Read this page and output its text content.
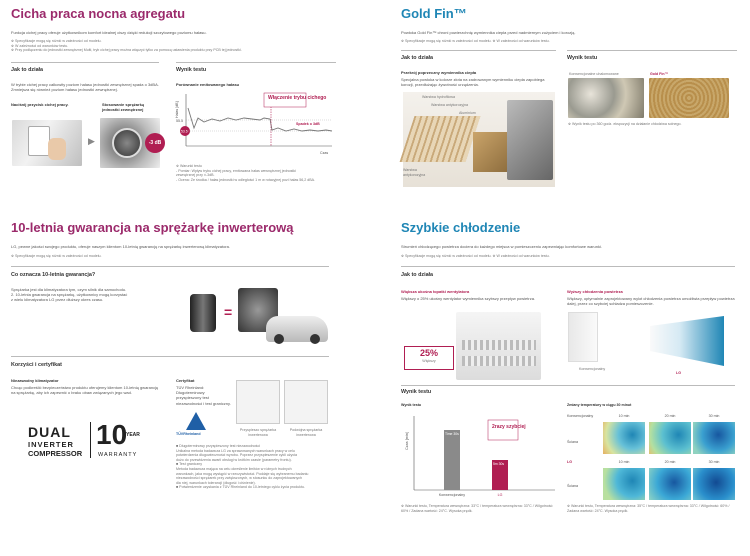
Cicha praca nocna agregatu
Funkcja cichej pracy oferuje użytkownikom komfort idealnej ciszy dzięki redukcji szczytowego poziomu hałasu.
※ Specyfikacje mogą się różnić w zależności od modelu.
※ W zależności od warunków testu.
※ Przy podłączeniu do jednostki zewnętrznej Multi, tryb cichej pracy można włączyć tylko za pomocą ustawienia produktu przy PCB tej jednostki.
Jak to działa
W trybie cichej pracy całkowity poziom hałasu jednostki zewnętrznej spada o 3dBA. Zmniejsza się również poziom hałasu jednostki zewnętrznej.
Naciśnij przycisk cichej pracy.	Stosowanie sprężarką jednostki zewnętrznej
▶	-3 dB
Wynik testu
Porównanie emitowanego hałasu
Hałas [dB]
55.5
53.5
Włączenie trybu cichego
Spadek o 3dB
Czas
※ Warunki testu
- Pomiar: Wpływ trybu cichej pracy, emitowana hałas wewnętrznej jednostki
zewnętrznej przy ±-3dB.
- Ocena: Ze środka / hałas jednostki w odległości 1 m w rotacyjnej pozi hałas 56,2 dBA.
Gold Fin™
Powłoka Gold Fin™ chroni powierzchnię wymiennika ciepła przed nadmiernym zużyciem i korozją.
※ Specyfikacje mogą się różnić w zależności od modelu. ※ W zależności od warunków testu.
Jak to działa
Przekrój poprzeczny wymiennika ciepła
Specjalna powłoka w kolorze złota na zadrowanym wymienniku ciepła zapobiega korozji, przedłużając żywotność urządzenia.
Warstwa hydrofilowa
Warstwa antykorozyjna
Aluminium
Warstwa antykorozyjna
Wynik testu
Konwencjonalne uhalomowane	Gold Fin™
※ Wynik testu po 360 godz. ekspozycji na działanie chłodziwa solnego.
10-letnia gwarancja na sprężarkę inwerterową
LG, pewne jakości swojego produktu, oferuje naszym klientom 10-letnią gwarancję na sprężarkę inwerterową klimatyzatora.
※ Specyfikacje mogą się różnić w zależności od modelu.
Co oznacza 10-letnia gwarancja?
Sprężarka jest dla klimatyzatora tym, czym silnik dla samochodu.
2. 10-letnia gwarancja na sprężarkę, użytkownicy mogą korzystać
z wielu klimatyzatora LG przez dłuższy okres czasu.
=
Korzyści i certyfikat
Niezawodny klimatyzator
Chcąc podkreślić bezpieczeństwo produktu oferujemy klientom 10-letnią gwarancję na sprężarkę, aby ich zapewnić o braku obaw związanych jego wad.
DUAL
INVERTER
COMPRESSOR
10
YEAR
WARRANTY
Certyfikat
TÜV Rheinland: Długoterminowy przyspieszony test niezawodności i test graniczny.
TÜVRheinland
Przyspieszo sprężarka inwerterowa
Podwójna sprężarka inwerterowa
■ Długoterminowy przyspieszony test niezawodności
Unikalna metoda badawcza LG za sprawowanych warunkach pracy w celu
potwierdzenia długowieczności wyrobu. Poprzez przyspieszenie cykli użycia
dużo do przewidzenia awarii obsługi w krótkim czasie (parametry frontu).
■ Test graniczny
Metoda badawcza mająca na celu określenie limitów w różnych trudnych
warunkach, jaka mogą wystąpić w rzeczywistości. Poddaje się wybranemu badaniu
niezawodności sprężarek przy zwiększonych, w stosunku do zaprojektowanych
dla niej, warunkach tolerancji (długość i ciśnienie).
■ Potwierdzenie uzyskania z TÜV Rheinland do 10-letniego cyklu życia produktu.
Szybkie chłodzenie
Strumień chłodzącego powietrza dociera do każdego miejsca w pomieszczeniu zapewniając komfortowe warunki.
※ Specyfikacje mogą się różnić w zależności od modelu. ※ W zależności od warunków testu.
Jak to działa
Większa ukośna łopatki wentylatora
Większy o 25% ukośny wentylator wymiennika szybszy przepływ powietrza.
25%
Większy
Wyższy chłodzenia powietrza
Większy, optymalnie zaprojektowany wylot chłodzenia powietrza umożliwia przepływ powietrza dalej, przez co szybciej schładza pomieszczenie.
Konwencjonalny
LG
Wynik testu
Wynik testu
Czas [min]	Time 30s
Konwencjonalny
5m 30s
LG
2razy szybciej
※ Warunki testu, Temperatura wewnętrzna: 33°C / temperatura wewnętrzna: 33°C / Wilgotność: 60% / Zadana wartość: 24°C. Wysoka prędk.
Zmiany temperatury w ciągu 30 minut
10 min	20 min	30 min
Konwencjonalny
Ściana
LG	10 min	20 min	30 min
Ściana
※ Warunki testu, Temperatura wewnętrzna: 35°C / temperatura wewnętrzna: 33°C / Wilgotność: 60% / Zadana wartość: 24°C. Wysoka prędk.
